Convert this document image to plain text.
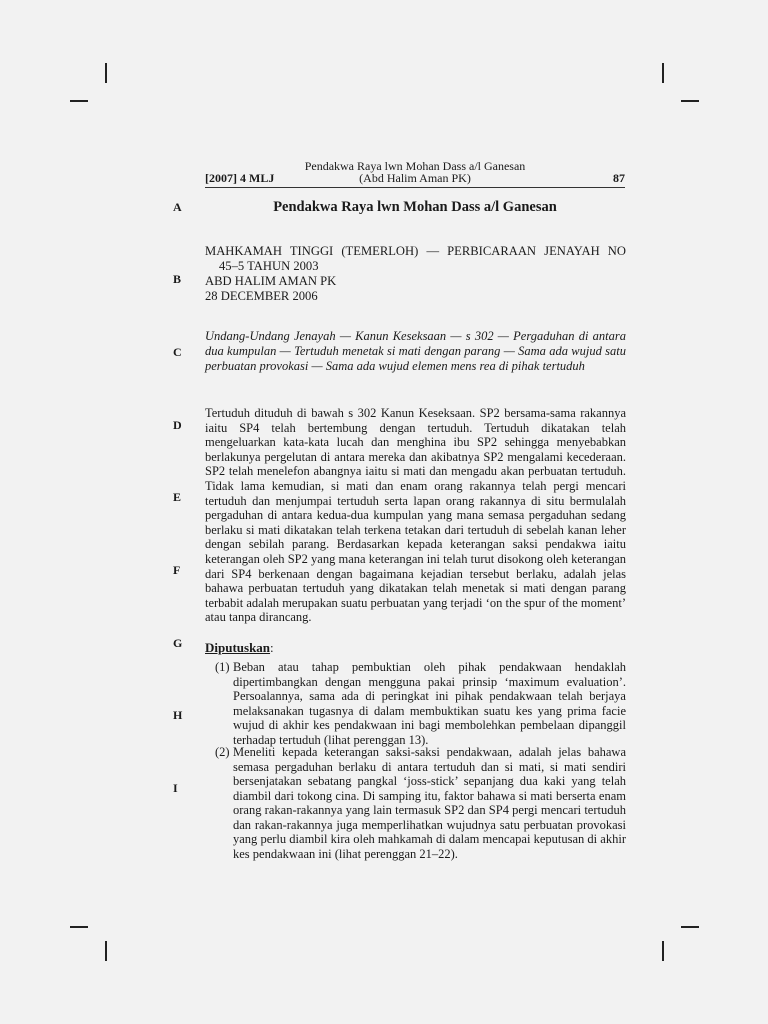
Pendakwa Raya lwn Mohan Dass a/l Ganesan
[2007] 4 MLJ	(Abd Halim Aman PK)	87
A
B
C
D
E
F
G
H
I
Pendakwa Raya lwn Mohan Dass a/l Ganesan
MAHKAMAH TINGGI (TEMERLOH) — PERBICARAAN JENAYAH NO
45–5 TAHUN 2003
ABD HALIM AMAN PK
28 DECEMBER 2006
Undang-Undang Jenayah — Kanun Keseksaan — s 302 — Pergaduhan di antara dua kumpulan — Tertuduh menetak si mati dengan parang — Sama ada wujud satu perbuatan provokasi — Sama ada wujud elemen mens rea di pihak tertuduh
Tertuduh dituduh di bawah s 302 Kanun Keseksaan. SP2 bersama-sama rakannya iaitu SP4 telah bertembung dengan tertuduh. Tertuduh dikatakan telah mengeluarkan kata-kata lucah dan menghina ibu SP2 sehingga menyebabkan berlakunya pergelutan di antara mereka dan akibatnya SP2 mengalami kecederaan. SP2 telah menelefon abangnya iaitu si mati dan mengadu akan perbuatan tertuduh. Tidak lama kemudian, si mati dan enam orang rakannya telah pergi mencari tertuduh dan menjumpai tertuduh serta lapan orang rakannya di situ bermulalah pergaduhan di antara kedua-dua kumpulan yang mana semasa pergaduhan sedang berlaku si mati dikatakan telah terkena tetakan dari tertuduh di sebelah kanan leher dengan sebilah parang. Berdasarkan kepada keterangan saksi pendakwa iaitu keterangan oleh SP2 yang mana keterangan ini telah turut disokong oleh keterangan dari SP4 berkenaan dengan bagaimana kejadian tersebut berlaku, adalah jelas bahawa perbuatan tertuduh yang dikatakan telah menetak si mati dengan parang terbabit adalah merupakan suatu perbuatan yang terjadi ‘on the spur of the moment’ atau tanpa dirancang.
Diputuskan:
(1) Beban atau tahap pembuktian oleh pihak pendakwaan hendaklah dipertimbangkan dengan mengguna pakai prinsip ‘maximum evaluation’. Persoalannya, sama ada di peringkat ini pihak pendakwaan telah berjaya melaksanakan tugasnya di dalam membuktikan suatu kes yang prima facie wujud di akhir kes pendakwaan ini bagi membolehkan pembelaan dipanggil terhadap tertuduh (lihat perenggan 13).
(2) Meneliti kepada keterangan saksi-saksi pendakwaan, adalah jelas bahawa semasa pergaduhan berlaku di antara tertuduh dan si mati, si mati sendiri bersenjatakan sebatang pangkal ‘joss-stick’ sepanjang dua kaki yang telah diambil dari tokong cina. Di samping itu, faktor bahawa si mati berserta enam orang rakan-rakannya yang lain termasuk SP2 dan SP4 pergi mencari tertuduh dan rakan-rakannya juga memperlihatkan wujudnya satu perbuatan provokasi yang perlu diambil kira oleh mahkamah di dalam mencapai keputusan di akhir kes pendakwaan ini (lihat perenggan 21–22).
